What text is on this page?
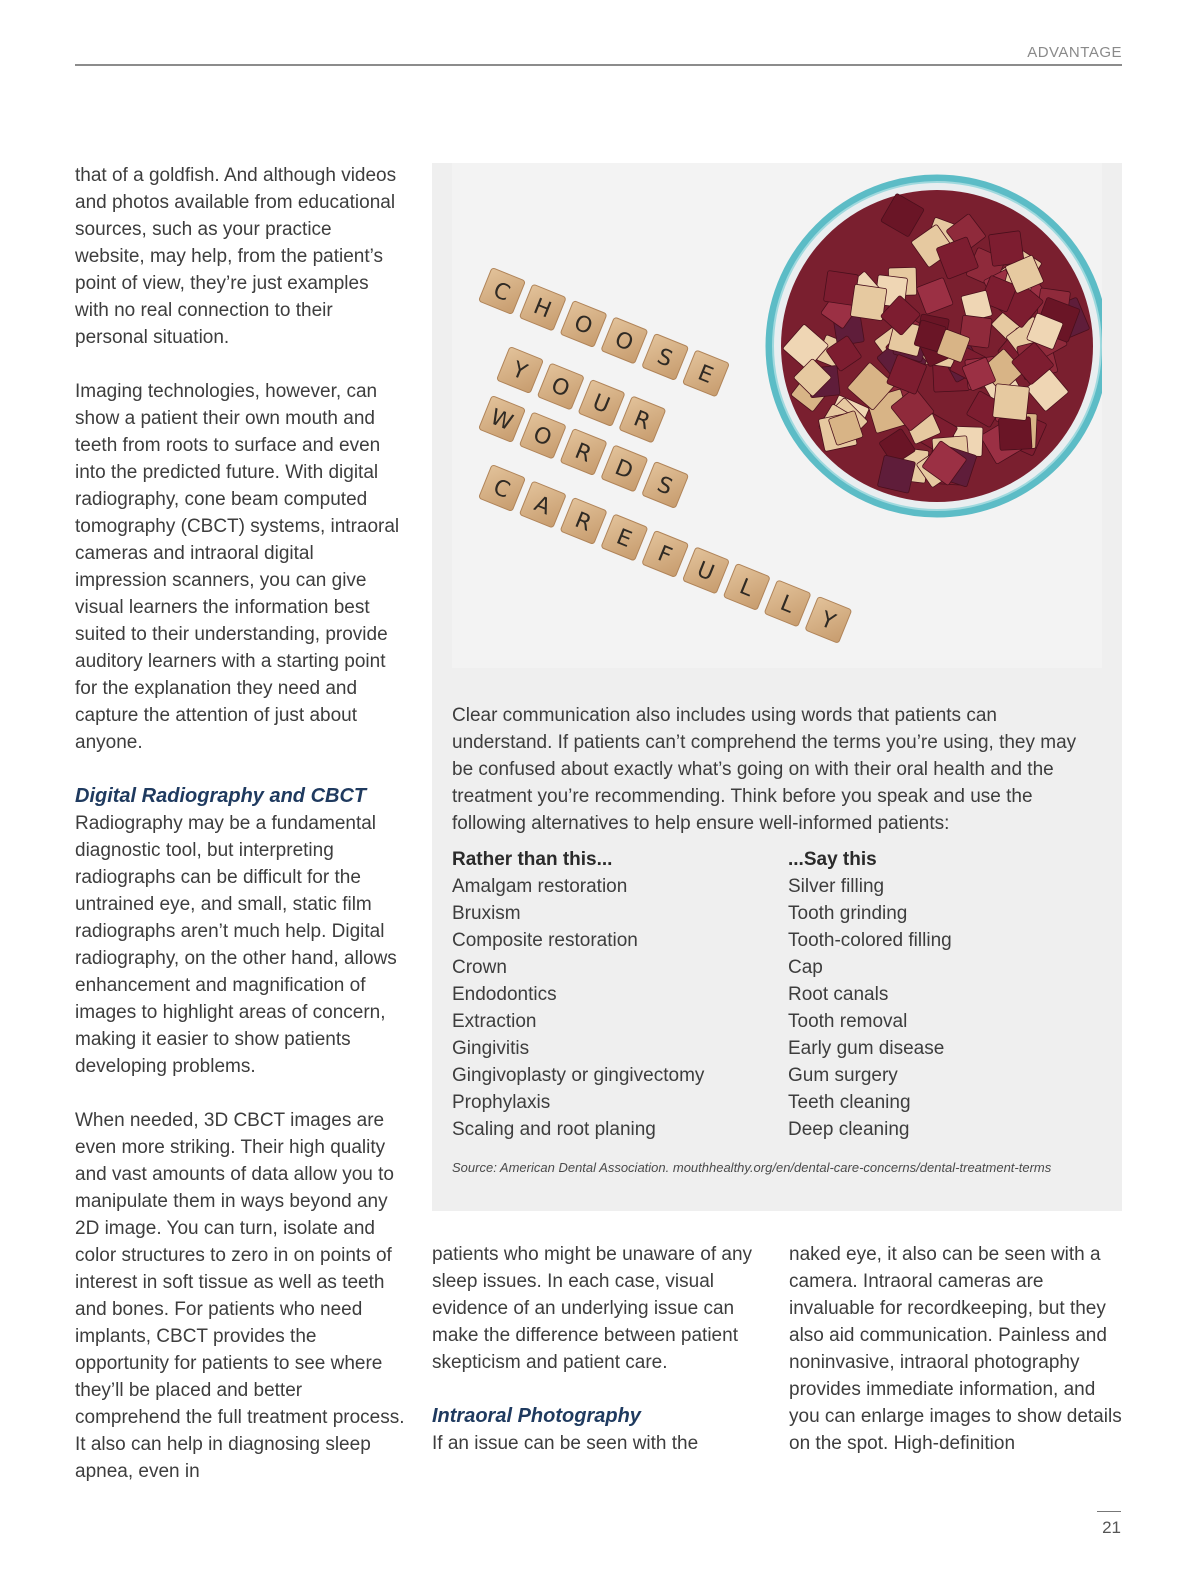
ADVANTAGE

that of a goldfish. And although videos and photos available from educational sources, such as your practice website, may help, from the patient’s point of view, they’re just examples with no real connection to their personal situation.

Imaging technologies, however, can show a patient their own mouth and teeth from roots to surface and even into the predicted future. With digital radiography, cone beam computed tomography (CBCT) systems, intraoral cameras and intraoral digital impression scanners, you can give visual learners the information best suited to their understanding, provide auditory learners with a starting point for the explanation they need and capture the attention of just about anyone.

Digital Radiography and CBCT

Radiography may be a fundamental diagnostic tool, but interpreting radiographs can be difficult for the untrained eye, and small, static film radiographs aren’t much help. Digital radiography, on the other hand, allows enhancement and magnification of images to highlight areas of concern, making it easier to show patients developing problems.

When needed, 3D CBCT images are even more striking. Their high quality and vast amounts of data allow you to manipulate them in ways beyond any 2D image. You can turn, isolate and color structures to zero in on points of interest in soft tissue as well as teeth and bones. For patients who need implants, CBCT provides the opportunity for patients to see where they’ll be placed and better comprehend the full treatment process. It also can help in diagnosing sleep apnea, even in

C
H
O
O
S
E
Y
O
U
R
W
O
R
D
S
C
A
R
E
F
U
L
L
Y

Clear communication also includes using words that patients can understand. If patients can’t comprehend the terms you’re using, they may be confused about exactly what’s going on with their oral health and the treatment you’re recommending. Think before you speak and use the following alternatives to help ensure well-informed patients:

Rather than this...	...Say this
Amalgam restoration	Silver filling
Bruxism	Tooth grinding
Composite restoration	Tooth-colored filling
Crown	Cap
Endodontics	Root canals
Extraction	Tooth removal
Gingivitis	Early gum disease
Gingivoplasty or gingivectomy	Gum surgery
Prophylaxis	Teeth cleaning
Scaling and root planing	Deep cleaning
Source: American Dental Association. mouthhealthy.org/en/dental-care-concerns/dental-treatment-terms

patients who might be unaware of any sleep issues. In each case, visual evidence of an underlying issue can make the difference between patient skepticism and patient care.

Intraoral Photography

If an issue can be seen with the

naked eye, it also can be seen with a camera. Intraoral cameras are invaluable for recordkeeping, but they also aid communication. Painless and noninvasive, intraoral photography provides immediate information, and you can enlarge images to show details on the spot. High-definition

21
